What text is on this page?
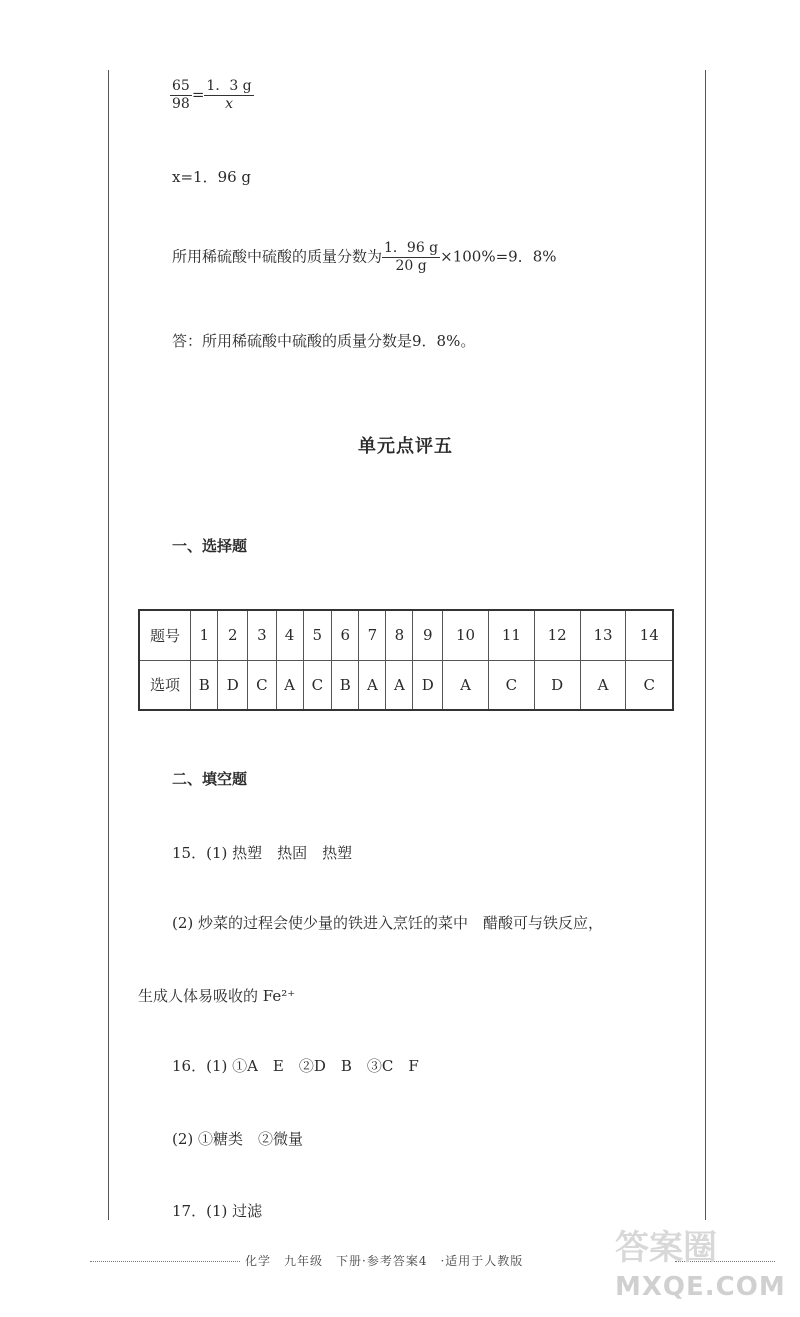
$\frac{65}{98} = \frac{1.3 g}{x}$
x=1．96 g
所用稀硫酸中硫酸的质量分数为 $\frac{1.96 g}{20 g} \times 100\%=9$．8%
答：所用稀硫酸中硫酸的质量分数是9．8%。
单元点评五
一、选择题
题号	1	2	3	4	5	6	7	8	9	10	11	12	13	14
选项	B	D	C	A	C	B	A	A	D	A	C	D	A	C
二、填空题
15．(1) 热塑　热固　热塑
(2) 炒菜的过程会使少量的铁进入烹饪的菜中　醋酸可与铁反应，
生成人体易吸收的 Fe²⁺
16．(1) ①A　E　②D　B　③C　F
(2) ①糖类　②微量
17．(1) 过滤
化学　九年级　下册·参考答案4　·适用于人教版	答案圈
MXQE.COM
